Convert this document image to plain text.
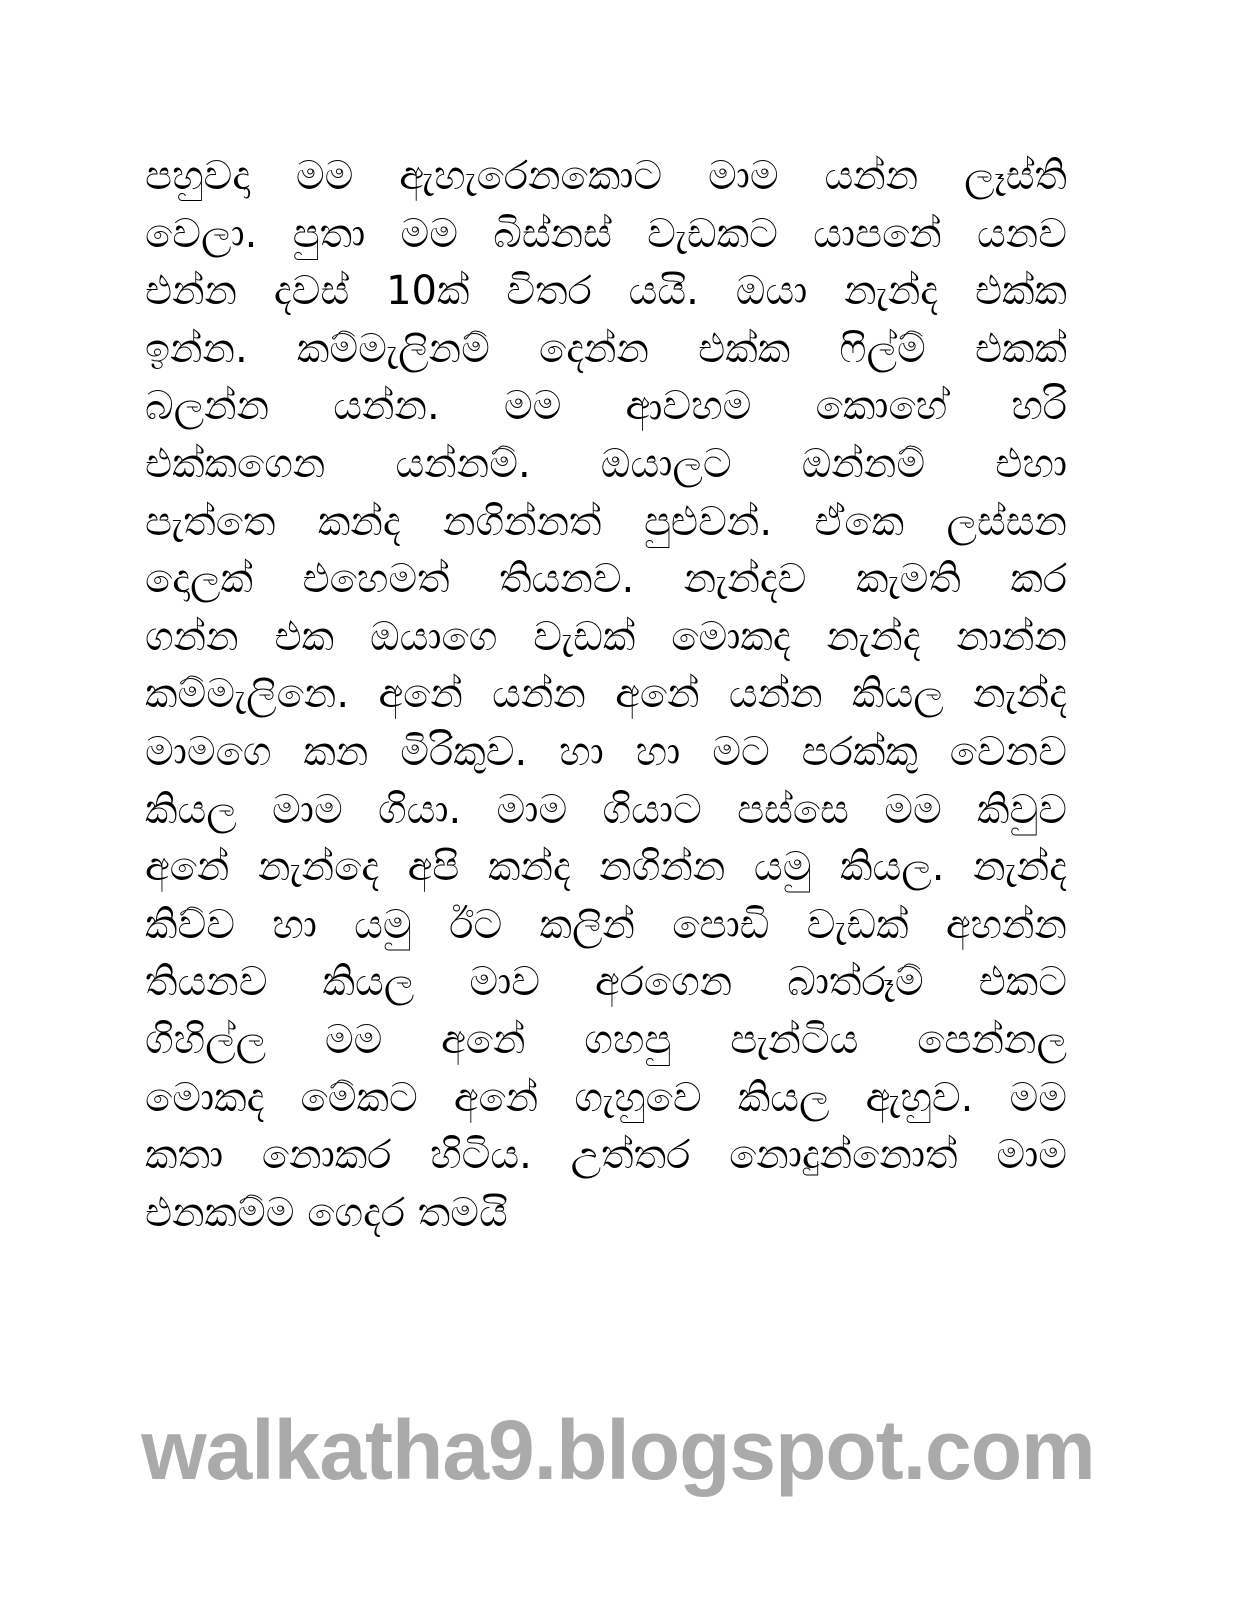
පහුවදා මම ඇහැරෙනකොට මාම යන්න ලෑස්ති
වෙලා. පුතා මම බිස්නස් වැඩකට යාපනේ යනව
එන්න දවස් 10ක් විතර යයි. ඔයා නැන්ද එක්ක
ඉන්න. කම්මැලිනම් දෙන්න එක්ක ෆිල්ම් එකක්
බලන්න යන්න. මම ආවහම කොහේ හරි
එක්කගෙන යන්නම්. ඔයාලට ඔන්නම් එහා
පැත්තෙ කන්ද නගින්නත් පුළුවන්. ඒකෙ ලස්සන
දොලක් එහෙමත් තියනව. නැන්දව කැමති කර
ගන්න එක ඔයාගෙ වැඩක් මොකද නැන්ද නාන්න
කම්මැලිනෙ. අනේ යන්න අනේ යන්න කියල නැන්ද
මාමගෙ කන මිරිකුව. හා හා මට පරක්කු වෙනව
කියල මාම ගියා. මාම ගියාට පස්සෙ මම කිවුව
අනේ නැන්දෙ අපි කන්ද නගින්න යමු කියල. නැන්ද
කිව්ව හා යමු ඊට කලින් පොඩි වැඩක් අහන්න
තියනව කියල මාව අරගෙන බාත්රූම් එකට
ගිහිල්ල මම අනේ ගහපු පැන්ටිය පෙන්නල
මොකද මේකට අනේ ගැහුවෙ කියල ඇහුව. මම
කතා නොකර හිටිය. උත්තර නොදුන්නොත් මාම
එනකම්ම ගෙදර තමයි
walkatha9.blogspot.com
